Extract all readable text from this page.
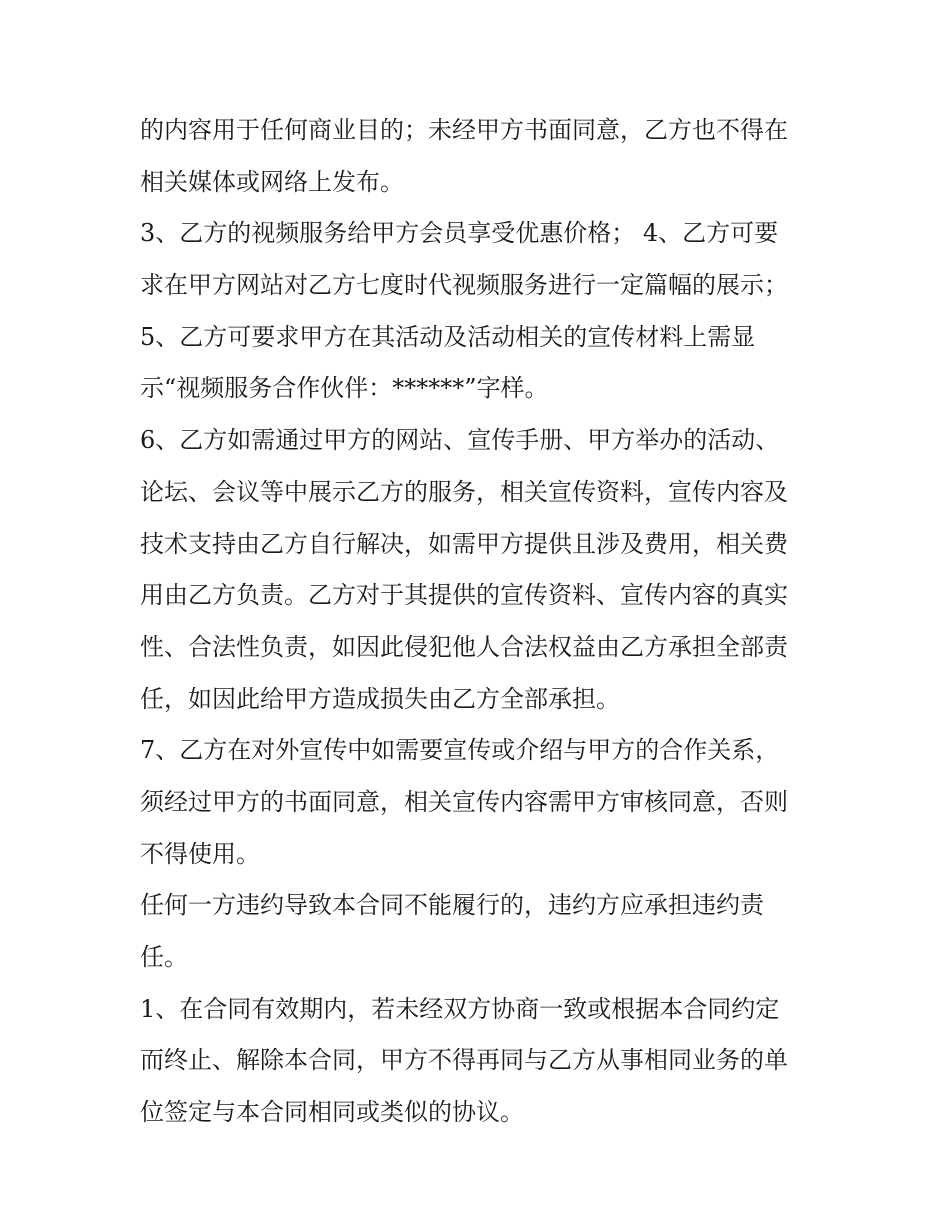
的内容用于任何商业目的；未经甲方书面同意，乙方也不得在
相关媒体或网络上发布。
3、乙方的视频服务给甲方会员享受优惠价格； 4、乙方可要
求在甲方网站对乙方七度时代视频服务进行一定篇幅的展示；
5、乙方可要求甲方在其活动及活动相关的宣传材料上需显
示“视频服务合作伙伴：******”字样。
6、乙方如需通过甲方的网站、宣传手册、甲方举办的活动、
论坛、会议等中展示乙方的服务，相关宣传资料，宣传内容及
技术支持由乙方自行解决，如需甲方提供且涉及费用，相关费
用由乙方负责。乙方对于其提供的宣传资料、宣传内容的真实
性、合法性负责，如因此侵犯他人合法权益由乙方承担全部责
任，如因此给甲方造成损失由乙方全部承担。
7、乙方在对外宣传中如需要宣传或介绍与甲方的合作关系，
须经过甲方的书面同意，相关宣传内容需甲方审核同意，否则
不得使用。
任何一方违约导致本合同不能履行的，违约方应承担违约责
任。
1、在合同有效期内，若未经双方协商一致或根据本合同约定
而终止、解除本合同，甲方不得再同与乙方从事相同业务的单
位签定与本合同相同或类似的协议。
